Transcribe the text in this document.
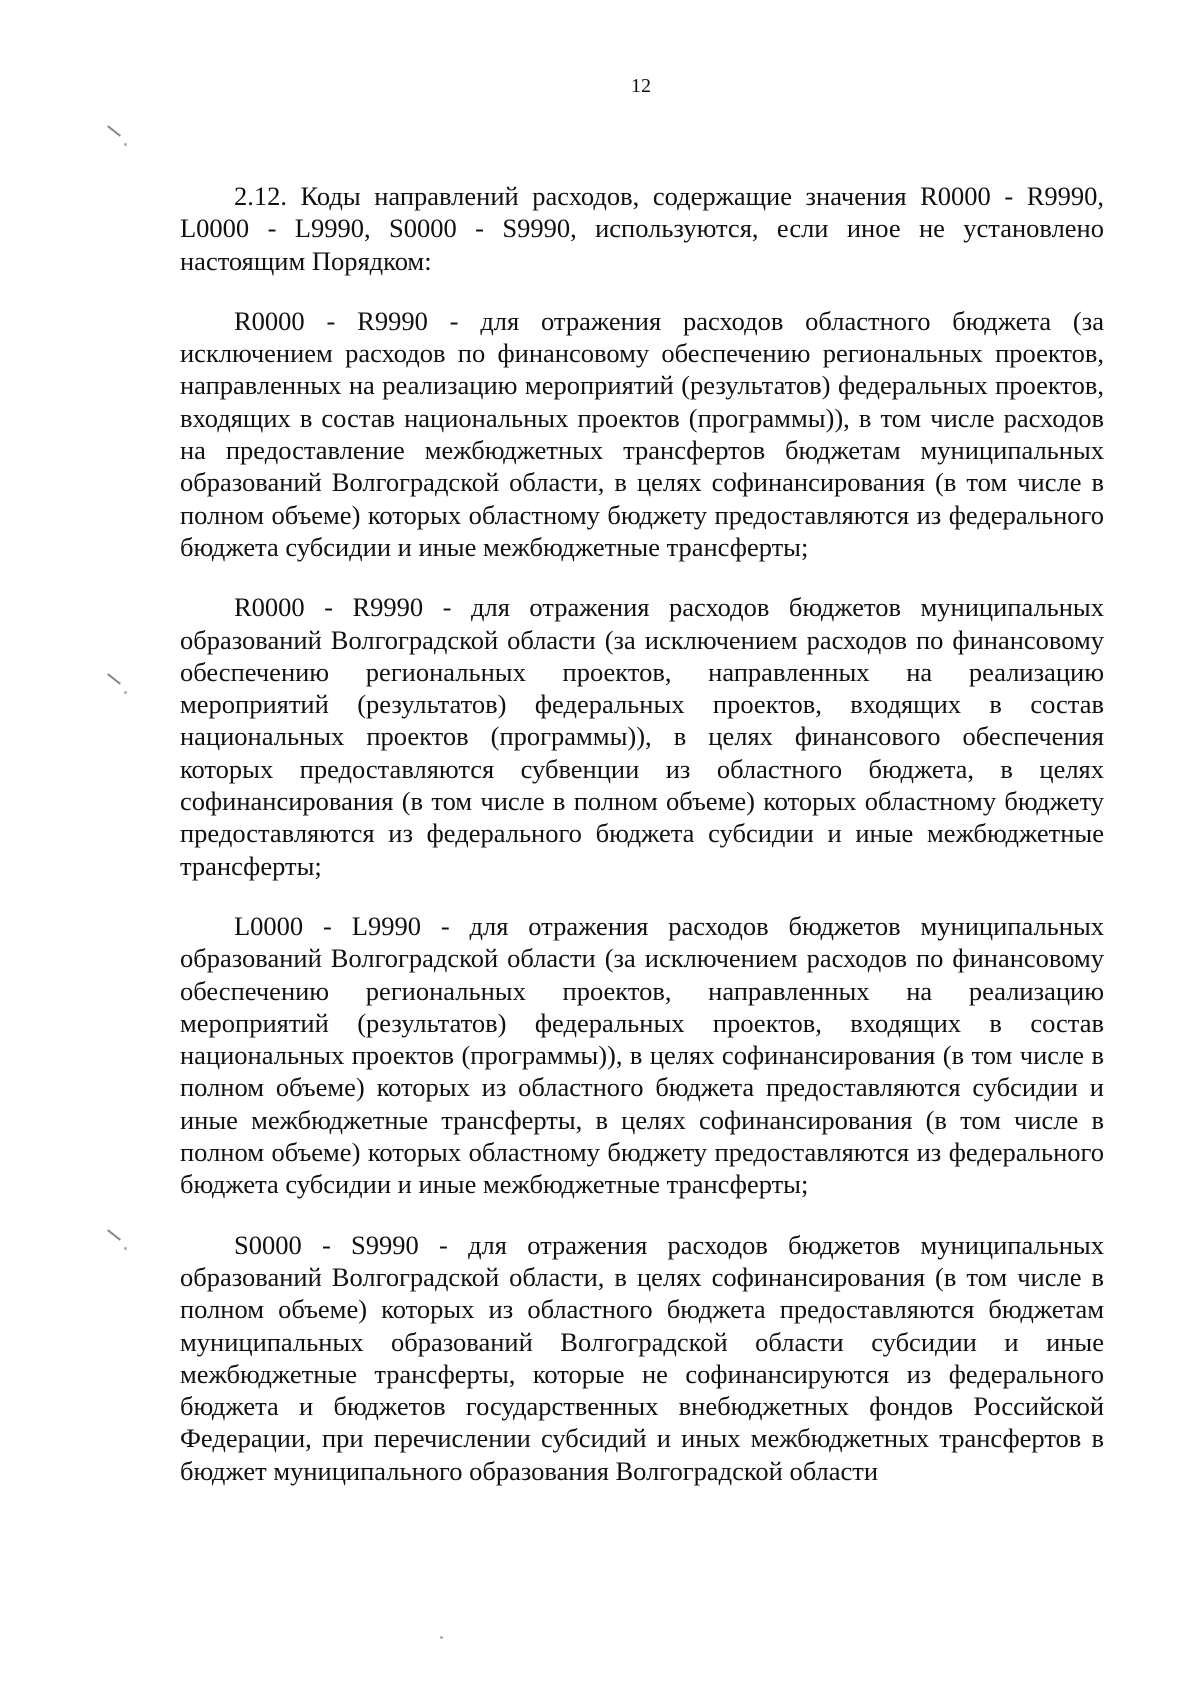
12

2.12. Коды направлений расходов, содержащие значения R0000 - R9990, L0000 - L9990, S0000 - S9990, используются, если иное не установлено настоящим Порядком:

R0000 - R9990 - для отражения расходов областного бюджета (за исключением расходов по финансовому обеспечению региональных проектов, направленных на реализацию мероприятий (результатов) федеральных проектов, входящих в состав национальных проектов (программы)), в том числе расходов на предоставление межбюджетных трансфертов бюджетам муниципальных образований Волгоградской области, в целях софинансирования (в том числе в полном объеме) которых областному бюджету предоставляются из федерального бюджета субсидии и иные межбюджетные трансферты;

R0000 - R9990 - для отражения расходов бюджетов муниципальных образований Волгоградской области (за исключением расходов по финансовому обеспечению региональных проектов, направленных на реализацию мероприятий (результатов) федеральных проектов, входящих в состав национальных проектов (программы)), в целях финансового обеспечения которых предоставляются субвенции из областного бюджета, в целях софинансирования (в том числе в полном объеме) которых областному бюджету предоставляются из федерального бюджета субсидии и иные межбюджетные трансферты;

L0000 - L9990 - для отражения расходов бюджетов муниципальных образований Волгоградской области (за исключением расходов по финансовому обеспечению региональных проектов, направленных на реализацию мероприятий (результатов) федеральных проектов, входящих в состав национальных проектов (программы)), в целях софинансирования (в том числе в полном объеме) которых из областного бюджета предоставляются субсидии и иные межбюджетные трансферты, в целях софинансирования (в том числе в полном объеме) которых областному бюджету предоставляются из федерального бюджета субсидии и иные межбюджетные трансферты;

S0000 - S9990 - для отражения расходов бюджетов муниципальных образований Волгоградской области, в целях софинансирования (в том числе в полном объеме) которых из областного бюджета предоставляются бюджетам муниципальных образований Волгоградской области субсидии и иные межбюджетные трансферты, которые не софинансируются из федерального бюджета и бюджетов государственных внебюджетных фондов Российской Федерации, при перечислении субсидий и иных межбюджетных трансфертов в бюджет муниципального образования Волгоградской области
